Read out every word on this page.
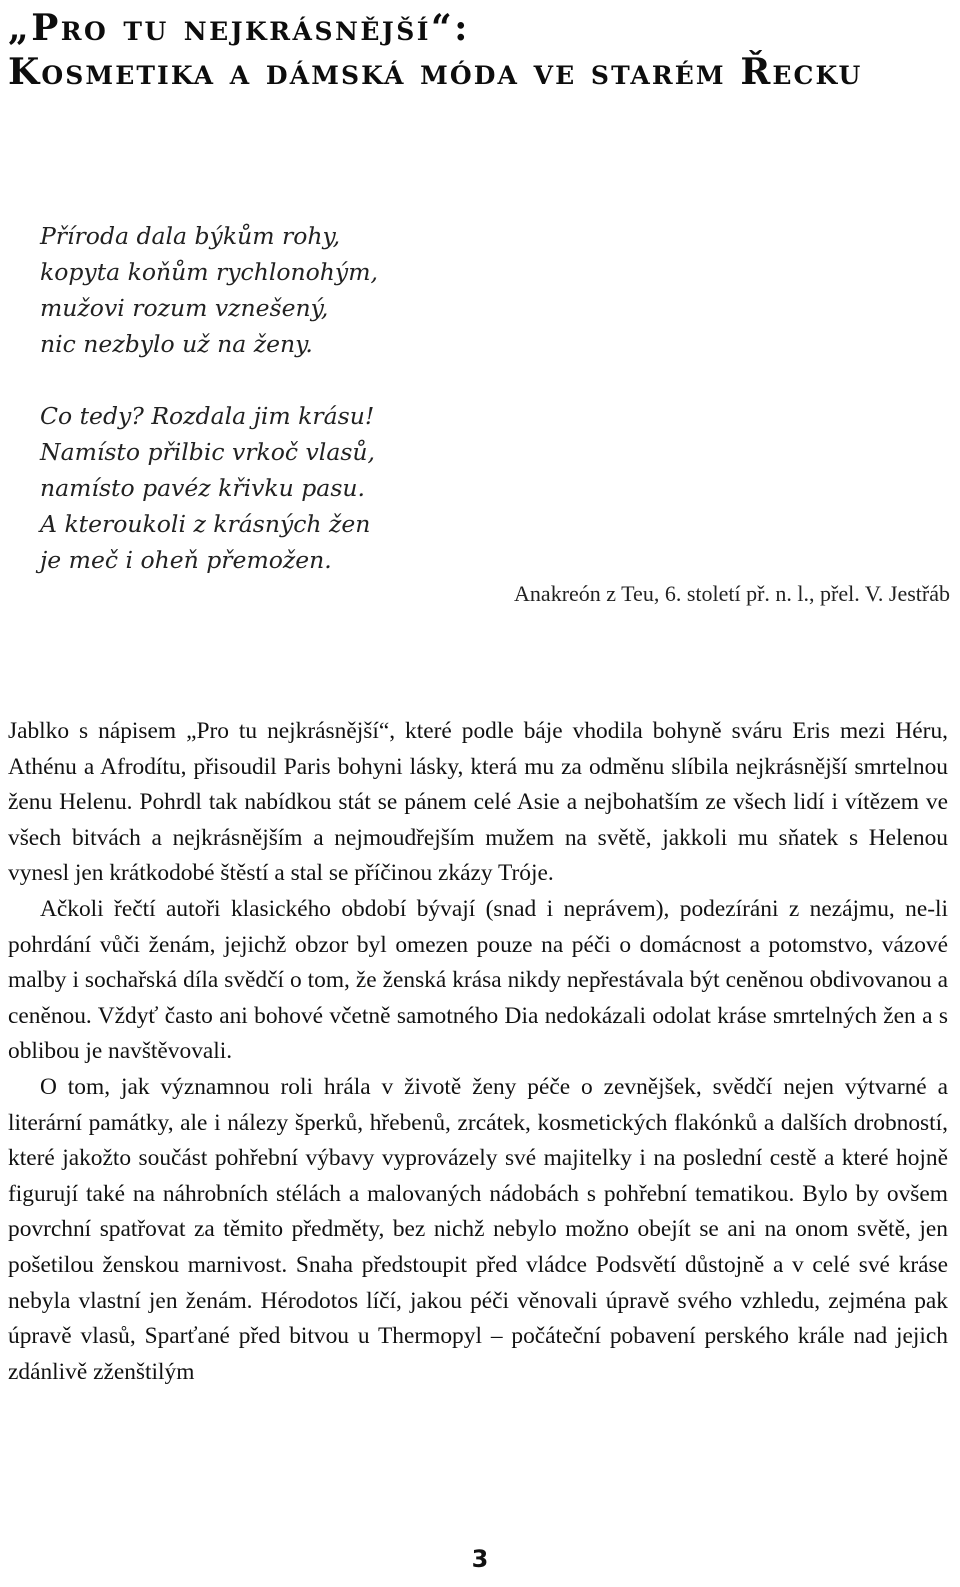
„Pro tu nejkrásnější“:
Kosmetika a dámská móda ve starém Řecku
Příroda dala býkům rohy,
kopyta koňům rychlonohým,
mužovi rozum vznešený,
nic nezbylo už na ženy.
Co tedy? Rozdala jim krásu!
Namísto přilbic vrkoč vlasů,
namísto pavéz křivku pasu.
A kteroukoli z krásných žen
je meč i oheň přemožen.
Anakreón z Teu, 6. století př. n. l., přel. V. Jestřáb

Jablko s nápisem „Pro tu nejkrásnější“, které podle báje vhodila bohyně sváru Eris mezi Héru, Athénu a Afrodítu, přisoudil Paris bohyni lásky, která mu za odměnu slíbila nejkrásnější smrtelnou ženu Helenu. Pohrdl tak nabídkou stát se pánem celé Asie a nejbohatším ze všech lidí i vítězem ve všech bitvách a nejkrásnějším a nejmoudřejším mužem na světě, jakkoli mu sňatek s Helenou vynesl jen krátkodobé štěstí a stal se příčinou zkázy Tróje.

Ačkoli řečtí autoři klasického období bývají (snad i neprávem), podezíráni z nezájmu, ne-li pohrdání vůči ženám, jejichž obzor byl omezen pouze na péči o domácnost a potomstvo, vázové malby i sochařská díla svědčí o tom, že ženská krása nikdy nepřestávala být ceněnou obdivovanou a ceněnou. Vždyť často ani bohové včetně samotného Dia nedokázali odolat kráse smrtelných žen a s oblibou je navštěvovali.

O tom, jak významnou roli hrála v životě ženy péče o zevnějšek, svědčí nejen výtvarné a literární památky, ale i nálezy šperků, hřebenů, zrcátek, kosmetických flakónků a dalších drobností, které jakožto součást pohřební výbavy vyprovázely své majitelky i na poslední cestě a které hojně figurují také na náhrobních stélách a malovaných nádobách s pohřební tematikou. Bylo by ovšem povrchní spatřovat za těmito předměty, bez nichž nebylo možno obejít se ani na onom světě, jen pošetilou ženskou marnivost. Snaha předstoupit před vládce Podsvětí důstojně a v celé své kráse nebyla vlastní jen ženám. Hérodotos líčí, jakou péči věnovali úpravě svého vzhledu, zejména pak úpravě vlasů, Sparťané před bitvou u Thermopyl – počáteční pobavení perského krále nad jejich zdánlivě zženštilým

3
